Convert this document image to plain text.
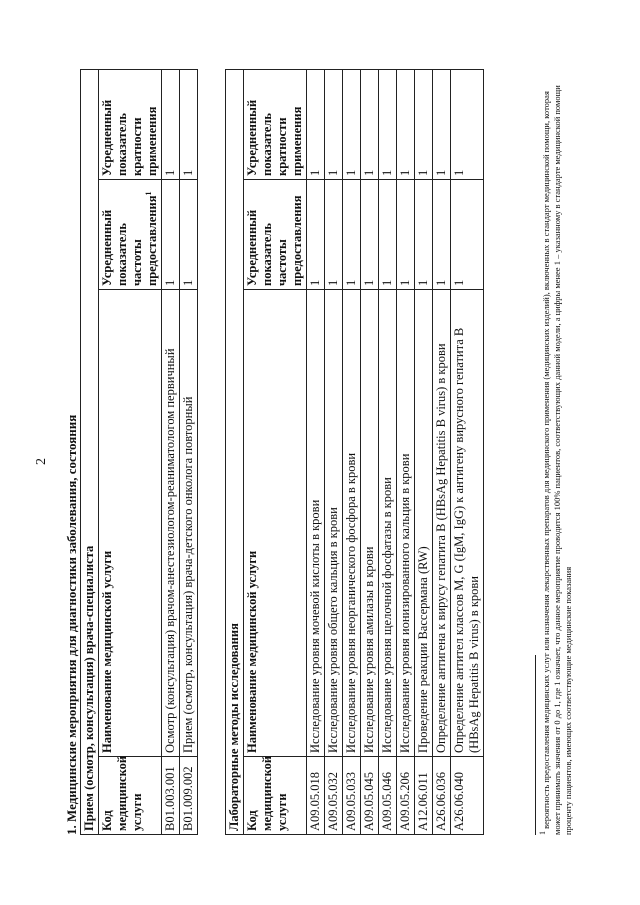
2 1. Медицинские мероприятия для диагностики заболевания, состояния Прием (осмотр, консультация) врача-специалиста			
Код медицинской услуги	Наименование медицинской услуги	Усредненный показатель частоты предоставления$^1$	Усредненный показатель кратности применения
B01.003.001	Осмотр (консультация) врачом-анестезиологом-реаниматологом первичный	1	1
B01.009.002	Прием (осмотр, консультация) врача-детского онколога повторный	1	1
Лабораторные методы исследования			
Код медицинской услуги	Наименование медицинской услуги	Усредненный показатель частоты предоставления	Усредненный показатель кратности применения
A09.05.018	Исследование уровня мочевой кислоты в крови	1	1
A09.05.032	Исследование уровня общего кальция в крови	1	1
A09.05.033	Исследование уровня неорганического фосфора в крови	1	1
A09.05.045	Исследование уровня амилазы в крови	1	1
A09.05.046	Исследование уровня щелочной фосфатазы в крови	1	1
A09.05.206	Исследование уровня ионизированного кальция в крови	1	1
A12.06.011	Проведение реакции Вассермана (RW)	1	1
A26.06.036	Определение антигена к вирусу гепатита B (HBsAg Hepatitis B virus) в крови	1	1
A26.06.040	Определение антител классов M, G (IgM, IgG) к антигену вирусного гепатита B (HBsAg Hepatitis B virus) в крови	1	1
$^1$ вероятность предоставления медицинских услуг или назначения лекарственных препаратов для медицинского применения (медицинских изделий), включенных в стандарт медицинской помощи, которая может принимать значения от 0 до 1, где 1 означает, что данное мероприятие проводится 100% пациентов, соответствующих данной модели, а цифры менее 1 – указанному в стандарте медицинской помощи проценту пациентов, имеющих соответствующие медицинские показания
